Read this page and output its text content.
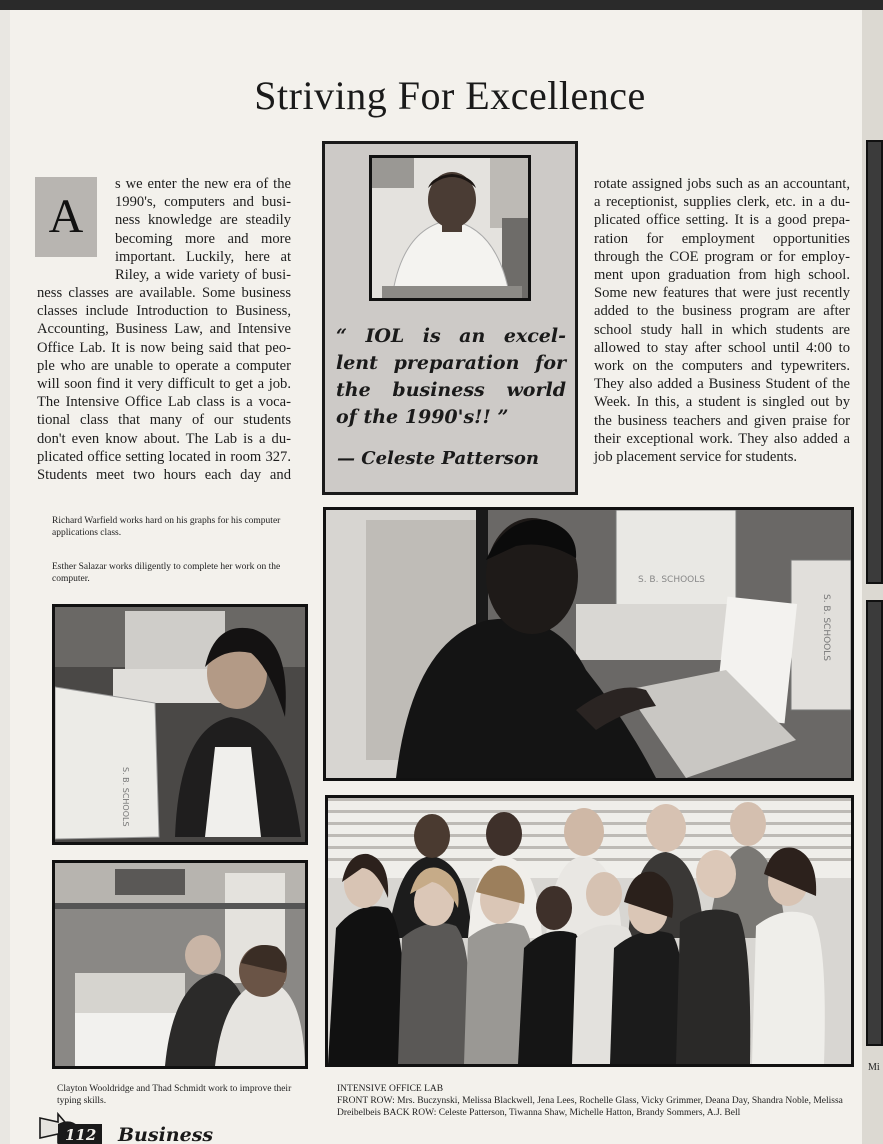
Mi
Striving For Excellence
A

s we enter the new era of the

1990's, computers and busi-

ness knowledge are steadily

becoming more and more

important. Luckily, here at

Riley, a wide variety of busi-

ness classes are available. Some business

classes include Introduction to Business,

Accounting, Business Law, and Intensive

Office Lab. It is now being said that peo-

ple who are unable to operate a computer

will soon find it very difficult to get a job.

The Intensive Office Lab class is a voca-

tional class that many of our students

don't even know about. The Lab is a du-

plicated office setting located in room 327.

Students meet two hours each day and

rotate assigned jobs such as an accountant,

a receptionist, supplies clerk, etc. in a du-

plicated office setting. It is a good prepa-

ration for employment opportunities

through the COE program or for employ-

ment upon graduation from high school.

Some new features that were just recently

added to the business program are after

school study hall in which students are

allowed to stay after school until 4:00 to

work on the computers and typewriters.

They also added a Business Student of the

Week. In this, a student is singled out by

the business teachers and given praise for

their exceptional work. They also added a

job placement service for students.

“ IOL is an excel-
lent preparation for
the business world
of the 1990's!! ”
— Celeste Patterson
Richard Warfield works hard on his graphs for his computer applications class.
Esther Salazar works diligently to complete her work on the computer.
S. B. SCHOOLS
Clayton Wooldridge and Thad Schmidt work to improve their typing skills.
S. B. SCHOOLS
S. B. SCHOOLS
INTENSIVE OFFICE LAB
FRONT ROW: Mrs. Buczynski, Melissa Blackwell, Jena Lees, Rochelle Glass, Vicky Grimmer, Deana Day, Shandra Noble, Melissa Dreibelbeis BACK ROW: Celeste Patterson, Tiwanna Shaw, Michelle Hatton, Brandy Sommers, A.J. Bell
112 Business
